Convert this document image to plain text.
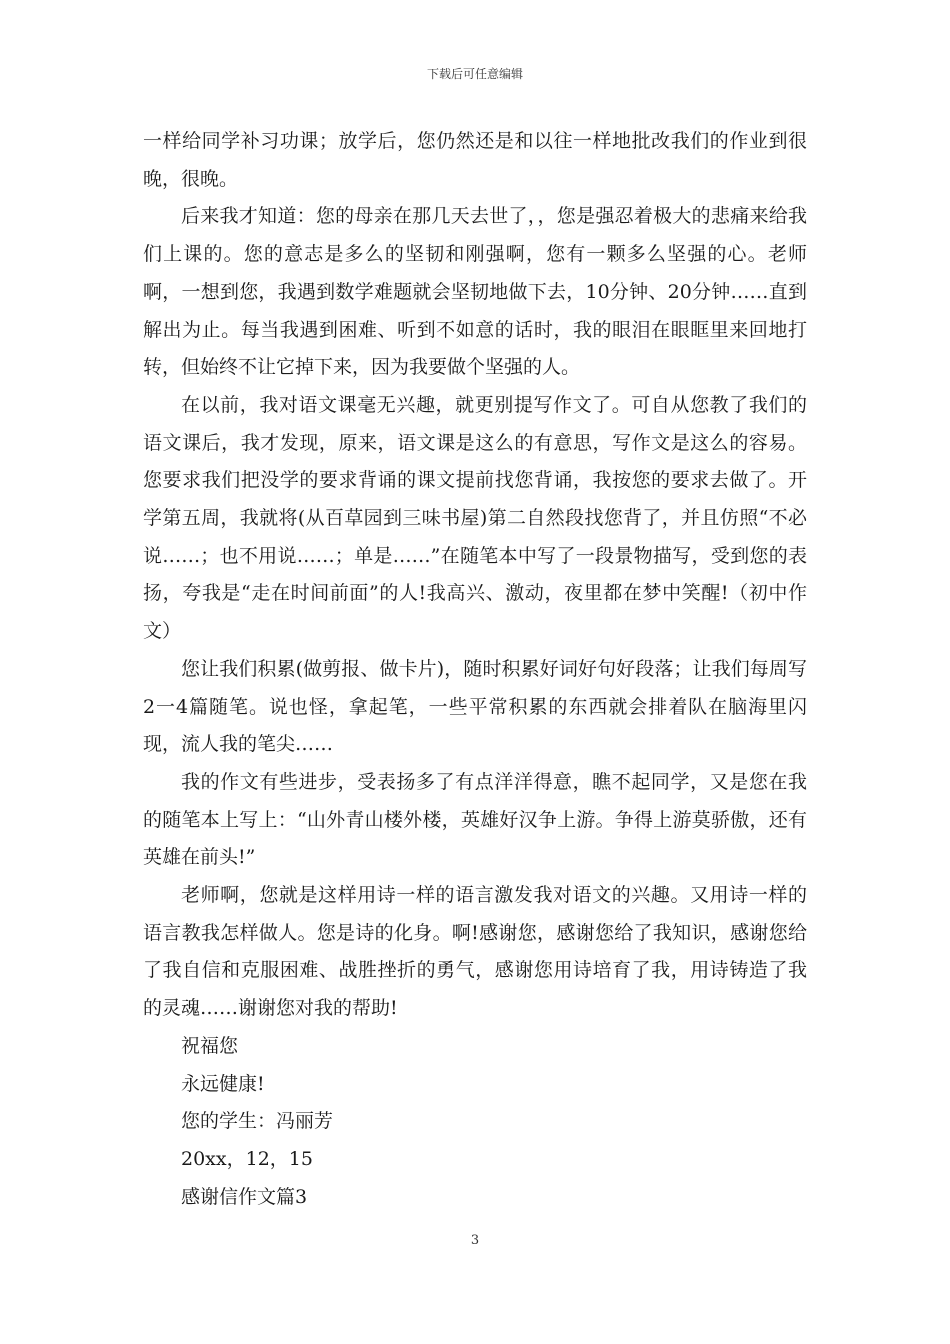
下载后可任意编辑

一样给同学补习功课；放学后，您仍然还是和以往一样地批改我们的作业到很晚，很晚。

后来我才知道：您的母亲在那几天去世了，，您是强忍着极大的悲痛来给我们上课的。您的意志是多么的坚韧和刚强啊，您有一颗多么坚强的心。老师啊，一想到您，我遇到数学难题就会坚韧地做下去，10分钟、20分钟……直到解出为止。每当我遇到困难、听到不如意的话时，我的眼泪在眼眶里来回地打转，但始终不让它掉下来，因为我要做个坚强的人。

在以前，我对语文课毫无兴趣，就更别提写作文了。可自从您教了我们的语文课后，我才发现，原来，语文课是这么的有意思，写作文是这么的容易。您要求我们把没学的要求背诵的课文提前找您背诵，我按您的要求去做了。开学第五周，我就将(从百草园到三味书屋)第二自然段找您背了，并且仿照“不必说……；也不用说……；单是……”在随笔本中写了一段景物描写，受到您的表扬，夸我是“走在时间前面”的人!我高兴、激动，夜里都在梦中笑醒!（初中作文）

您让我们积累(做剪报、做卡片)，随时积累好词好句好段落；让我们每周写2一4篇随笔。说也怪，拿起笔，一些平常积累的东西就会排着队在脑海里闪现，流人我的笔尖……

我的作文有些进步，受表扬多了有点洋洋得意，瞧不起同学，又是您在我的随笔本上写上：“山外青山楼外楼，英雄好汉争上游。争得上游莫骄傲，还有英雄在前头!”

老师啊，您就是这样用诗一样的语言激发我对语文的兴趣。又用诗一样的语言教我怎样做人。您是诗的化身。啊!感谢您，感谢您给了我知识，感谢您给了我自信和克服困难、战胜挫折的勇气，感谢您用诗培育了我，用诗铸造了我的灵魂……谢谢您对我的帮助!

祝福您

永远健康!

您的学生：冯丽芳

20xx，12，15

感谢信作文篇3

3
